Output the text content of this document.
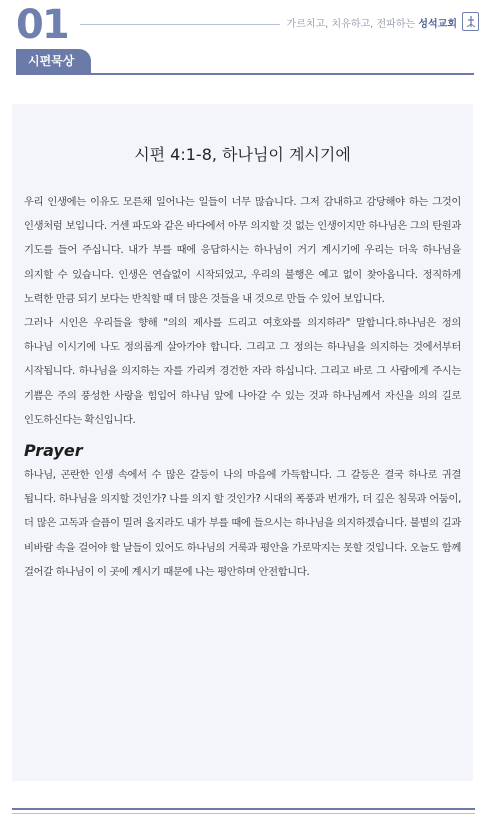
01	가르치고, 치유하고, 전파하는 성석교회
시편묵상
시편 4:1-8, 하나님이 계시기에

우리 인생에는 이유도 모른채 일어나는 일들이 너무 많습니다. 그저 감내하고 감당해야 하는 그것이 인생처럼 보입니다. 거센 파도와 같은 바다에서 아무 의지할 것 없는 인생이지만 하나님은 그의 탄원과 기도를 들어 주십니다. 내가 부를 때에 응답하시는 하나님이 거기 계시기에 우리는 더욱 하나님을 의지할 수 있습니다. 인생은 연습없이 시작되었고, 우리의 불행은 예고 없이 찾아옵니다. 정직하게 노력한 만큼 되기 보다는 반칙할 때 더 많은 것들을 내 것으로 만들 수 있어 보입니다.

그러나 시인은 우리들을 향해 "의의 제사를 드리고 여호와를 의지하라" 말합니다.하나님은 정의 하나님 이시기에 나도 정의롭게 살아가야 합니다. 그리고 그 정의는 하나님을 의지하는 것에서부터 시작됩니다. 하나님을 의지하는 자를 가리켜 경건한 자라 하십니다. 그리고 바로 그 사람에게 주시는 기쁨은 주의 풍성한 사랑을 힘입어 하나님 앞에 나아갈 수 있는 것과 하나님께서 자신을 의의 길로 인도하신다는 확신입니다.

Prayer

하나님, 곤란한 인생 속에서 수 많은 갈등이 나의 마음에 가득합니다. 그 갈등은 결국 하나로 귀결 됩니다. 하나님을 의지할 것인가? 나를 의지 할 것인가? 시대의 폭풍과 번개가, 더 깊은 침묵과 어둠이, 더 많은 고독과 슬픔이 밀려 올지라도 내가 부를 때에 들으시는 하나님을 의지하겠습니다. 불볕의 길과 비바람 속을 걸어야 할 날들이 있어도 하나님의 거룩과 평안을 가로막지는 못할 것입니다. 오늘도 함께 걸어갈 하나님이 이 곳에 계시기 때문에 나는 평안하며 안전합니다.
